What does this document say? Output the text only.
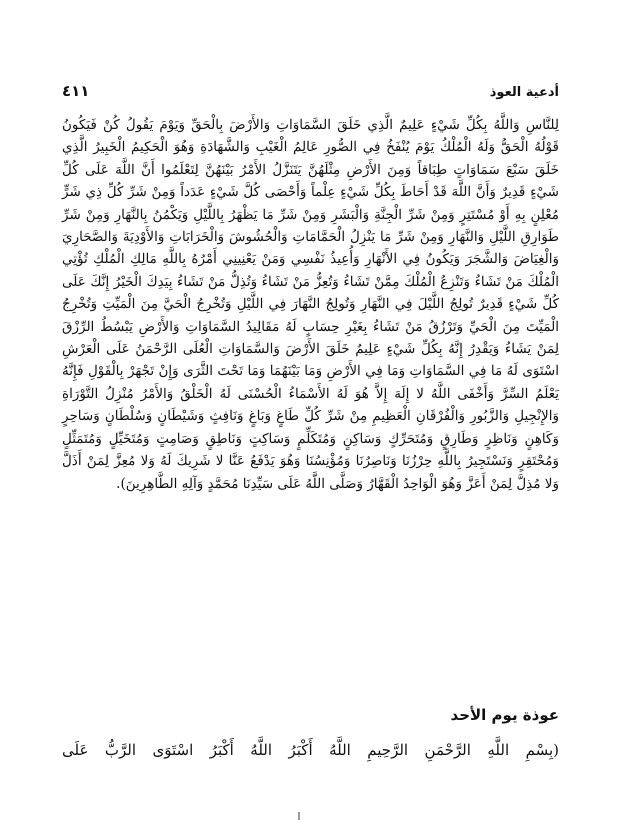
٤١١	أدعية العوذ
لِلنَّاسِ وَاللَّهُ بِكُلِّ شَيْءٍ عَلِيمٌ الَّذِي خَلَقَ السَّمَاوَاتِ وَالأَرْضَ بِالْحَقِّ وَيَوْمَ يَقُولُ كُنْ فَيَكُونُ قَوْلُهُ الْحَقُّ وَلَهُ الْمُلْكُ يَوْمَ يُنْفَخُ فِي الصُّورِ عَالِمُ الْغَيْبِ وَالشَّهَادَةِ وَهُوَ الْحَكِيمُ الْخَبِيرُ الَّذِي خَلَقَ سَبْعَ سَمَاوَاتٍ طِبَاقاً وَمِنَ الأَرْضِ مِثْلَهُنَّ يَتَنَزَّلُ الأَمْرُ بَيْنَهُنَّ لِتَعْلَمُوا أَنَّ اللَّهَ عَلَى كُلِّ شَيْءٍ قَدِيرٌ وَأَنَّ اللَّهَ قَدْ أَحَاطَ بِكُلِّ شَيْءٍ عِلْماً وَأَحْصَى كُلَّ شَيْءٍ عَدَداً وَمِنْ شَرِّ كُلِّ ذِي شَرٍّ مُعْلِنٍ بِهِ أَوْ مُسْتَتِرٍ وَمِنْ شَرِّ الْجِنَّةِ وَالْبَشَرِ وَمِنْ شَرِّ مَا يَظْهَرُ بِاللَّيْلِ وَيَكْمُنُ بِالنَّهَارِ وَمِنْ شَرِّ طَوَارِقِ اللَّيْلِ وَالنَّهَارِ وَمِنْ شَرِّ مَا يَنْزِلُ الْحَمَّامَاتِ وَالْحُشُوشَ وَالْخَرَابَاتِ وَالأَوْدِيَةَ وَالصَّحَارِيَ وَالْغِيَاضَ وَالشَّجَرَ وَيَكُونُ فِي الأَنْهَارِ وَأُعِيذُ نَفْسِي وَمَنْ يَعْنِينِي أَمْرُهُ بِاللَّهِ مَالِكِ الْمُلْكِ تُؤْتِي الْمُلْكَ مَنْ تَشَاءُ وَتَنْزِعُ الْمُلْكَ مِمَّنْ تَشَاءُ وَتُعِزُّ مَنْ تَشَاءُ وَتُذِلُّ مَنْ تَشَاءُ بِيَدِكَ الْخَيْرُ إِنَّكَ عَلَى كُلِّ شَيْءٍ قَدِيرٌ تُولِجُ اللَّيْلَ فِي النَّهَارِ وَتُولِجُ النَّهَارَ فِي اللَّيْلِ وَتُخْرِجُ الْحَيَّ مِنَ الْمَيِّتِ وَتُخْرِجُ الْمَيِّتَ مِنَ الْحَيِّ وَتَرْزُقُ مَنْ تَشَاءُ بِغَيْرِ حِسَابٍ لَهُ مَقَالِيدُ السَّمَاوَاتِ وَالأَرْضِ يَبْسُطُ الرِّزْقَ لِمَنْ يَشَاءُ وَيَقْدِرُ إِنَّهُ بِكُلِّ شَيْءٍ عَلِيمٌ خَلَقَ الأَرْضَ وَالسَّمَاوَاتِ الْعُلَى الرَّحْمَنُ عَلَى الْعَرْشِ اسْتَوَى لَهُ مَا فِي السَّمَاوَاتِ وَمَا فِي الأَرْضِ وَمَا بَيْنَهُمَا وَمَا تَحْتَ الثَّرَى وَإِنْ تَجْهَرْ بِالْقَوْلِ فَإِنَّهُ يَعْلَمُ السِّرَّ وَأَخْفَى اللَّهُ لا إِلَهَ إِلاَّ هُوَ لَهُ الأَسْمَاءُ الْحُسْنَى لَهُ الْخَلْقُ وَالأَمْرُ مُنْزِلُ التَّوْرَاةِ وَالإِنْجِيلِ وَالزَّبُورِ وَالْفُرْقَانِ الْعَظِيمِ مِنْ شَرِّ كُلِّ طَاغٍ وَبَاغٍ وَنَافِثٍ وَشَيْطَانٍ وَسُلْطَانٍ وَسَاحِرٍ وَكَاهِنٍ وَنَاظِرٍ وَطَارِقٍ وَمُتَحَرِّكٍ وَسَاكِنٍ وَمُتَكَلِّمٍ وَسَاكِتٍ وَنَاطِقٍ وَصَامِتٍ وَمُتَخَيِّلٍ وَمُتَمَثِّلٍ وَمُحْتَقِرٍ وَنَسْتَجِيرُ بِاللَّهِ حِرْزُنَا وَنَاصِرُنَا وَمُؤْنِسُنَا وَهُوَ يَدْفَعُ عَنَّا لا شَرِيكَ لَهُ وَلا مُعِزَّ لِمَنْ أَذَلَّ وَلا مُذِلَّ لِمَنْ أَعَزَّ وَهُوَ الْوَاحِدُ الْقَهَّارُ وَصَلَّى اللَّهُ عَلَى سَيِّدِنَا مُحَمَّدٍ وَآلِهِ الطَّاهِرِينَ).
عوذة يوم الأحد
(بِسْمِ اللَّهِ الرَّحْمَنِ الرَّحِيمِ اللَّهُ أَكْبَرُ اللَّهُ أَكْبَرُ اسْتَوَى الرَّبُّ عَلَى
